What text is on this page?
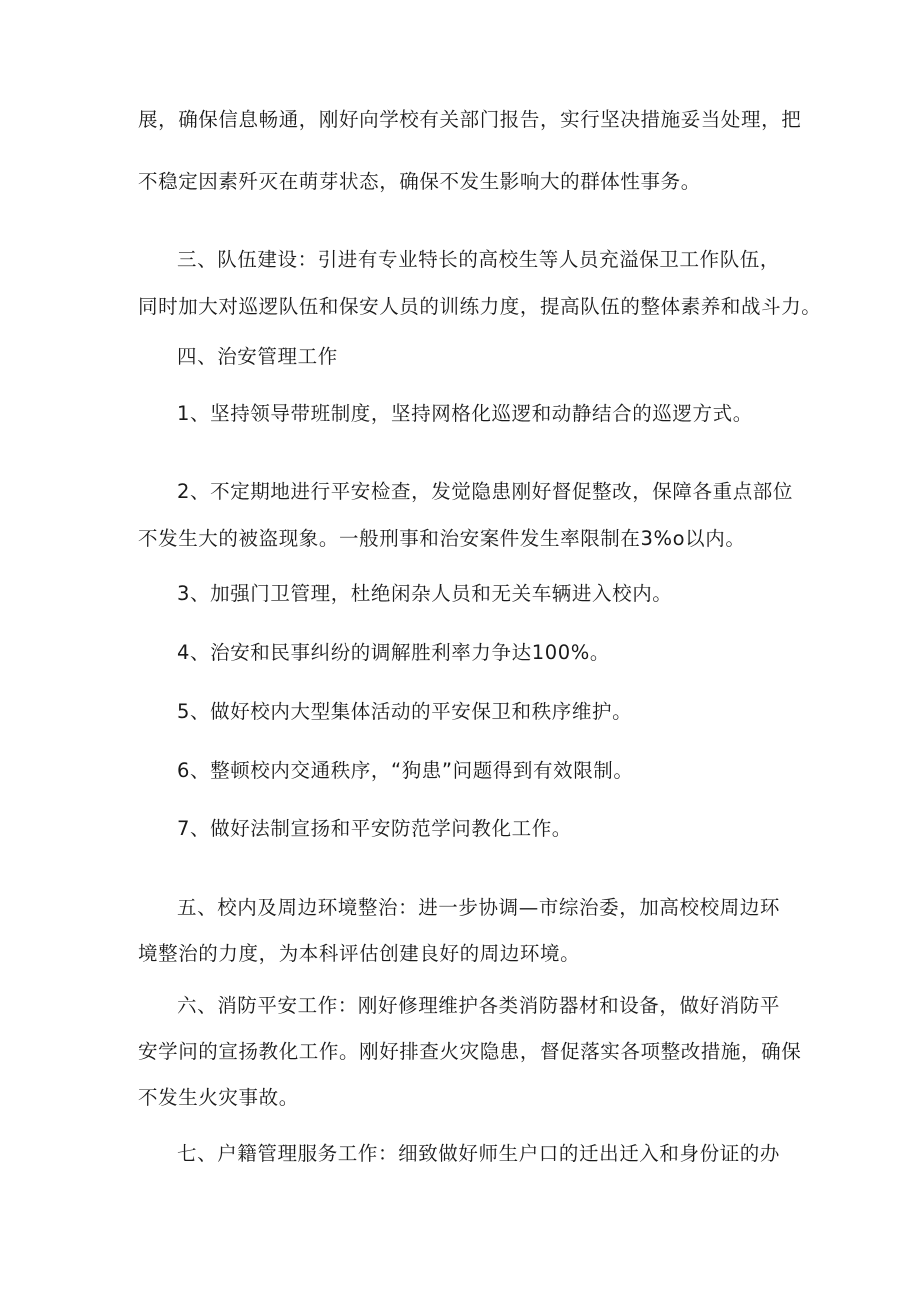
展，确保信息畅通，刚好向学校有关部门报告，实行坚决措施妥当处理，把
不稳定因素歼灭在萌芽状态，确保不发生影响大的群体性事务。
三、队伍建设：引进有专业特长的高校生等人员充溢保卫工作队伍，
同时加大对巡逻队伍和保安人员的训练力度，提高队伍的整体素养和战斗力。
四、治安管理工作
1、坚持领导带班制度，坚持网格化巡逻和动静结合的巡逻方式。
2、不定期地进行平安检查，发觉隐患刚好督促整改，保障各重点部位
不发生大的被盗现象。一般刑事和治安案件发生率限制在3%o以内。
3、加强门卫管理，杜绝闲杂人员和无关车辆进入校内。
4、治安和民事纠纷的调解胜利率力争达100%。
5、做好校内大型集体活动的平安保卫和秩序维护。
6、整顿校内交通秩序，“狗患”问题得到有效限制。
7、做好法制宣扬和平安防范学问教化工作。
五、校内及周边环境整治：进一步协调—市综治委，加高校校周边环
境整治的力度，为本科评估创建良好的周边环境。
六、消防平安工作：刚好修理维护各类消防器材和设备，做好消防平
安学问的宣扬教化工作。刚好排查火灾隐患，督促落实各项整改措施，确保
不发生火灾事故。
七、户籍管理服务工作：细致做好师生户口的迁出迁入和身份证的办
